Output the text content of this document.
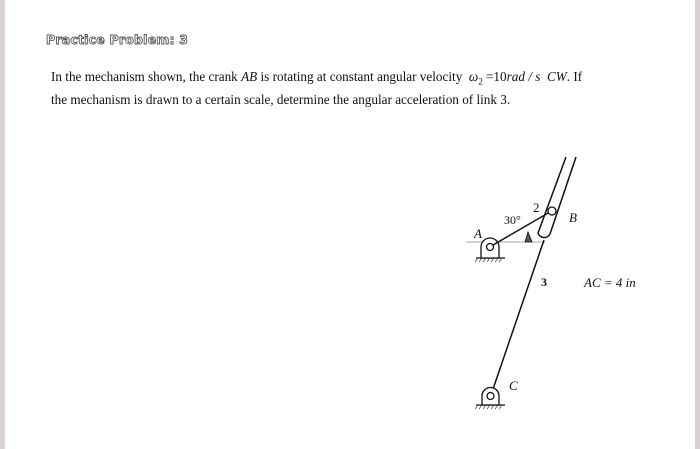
Practice Problem: 3
In the mechanism shown, the crank AB is rotating at constant angular velocity  $\omega_2 =10rad / s$ CW. If
the mechanism is drawn to a certain scale, determine the angular acceleration of link 3.
A
30°
2
B
3	AC = 4 in
C
